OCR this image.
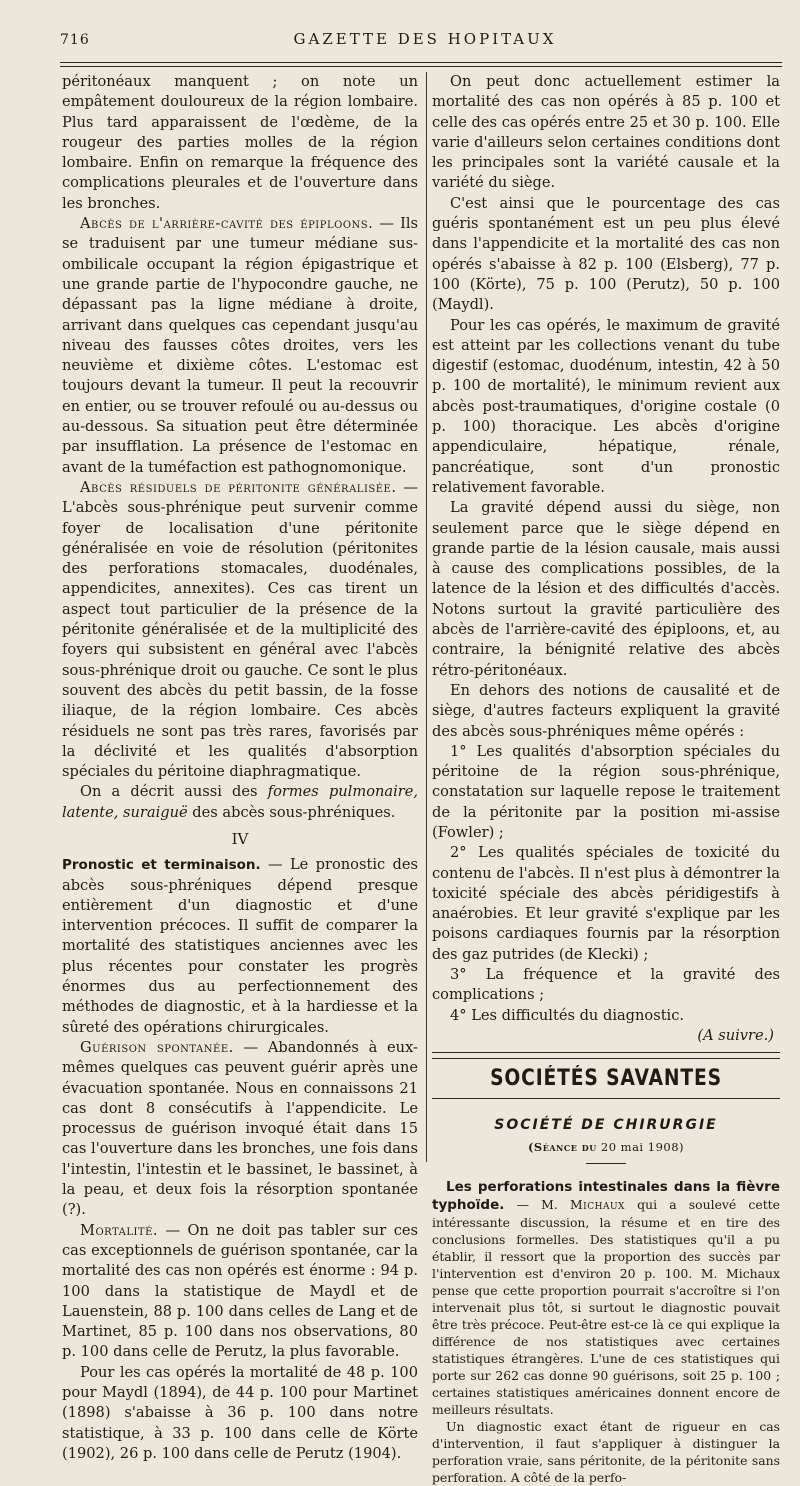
716	GAZETTE DES HOPITAUX

péritonéaux manquent ; on note un empâtement douloureux de la région lombaire. Plus tard apparaissent de l'œdème, de la rougeur des parties molles de la région lombaire. Enfin on remarque la fréquence des complications pleurales et de l'ouverture dans les bronches.

Abcès de l'arrière-cavité des épiploons. — Ils se traduisent par une tumeur médiane sus-ombilicale occupant la région épigastrique et une grande partie de l'hypocondre gauche, ne dépassant pas la ligne médiane à droite, arrivant dans quelques cas cependant jusqu'au niveau des fausses côtes droites, vers les neuvième et dixième côtes. L'estomac est toujours devant la tumeur. Il peut la recouvrir en entier, ou se trouver refoulé ou au-dessus ou au-dessous. Sa situation peut être déterminée par insufflation. La présence de l'estomac en avant de la tuméfaction est pathognomonique.

Abcès résiduels de péritonite généralisée. — L'abcès sous-phrénique peut survenir comme foyer de localisation d'une péritonite généralisée en voie de résolution (péritonites des perforations stomacales, duodénales, appendicites, annexites). Ces cas tirent un aspect tout particulier de la présence de la péritonite généralisée et de la multiplicité des foyers qui subsistent en général avec l'abcès sous-phrénique droit ou gauche. Ce sont le plus souvent des abcès du petit bassin, de la fosse iliaque, de la région lombaire. Ces abcès résiduels ne sont pas très rares, favorisés par la déclivité et les qualités d'absorption spéciales du péritoine diaphragmatique.

On a décrit aussi des formes pulmonaire, latente, suraiguë des abcès sous-phréniques.

IV

Pronostic et terminaison. — Le pronostic des abcès sous-phréniques dépend presque entièrement d'un diagnostic et d'une intervention précoces. Il suffit de comparer la mortalité des statistiques anciennes avec les plus récentes pour constater les progrès énormes dus au perfectionnement des méthodes de diagnostic, et à la hardiesse et la sûreté des opérations chirurgicales.

Guérison spontanée. — Abandonnés à eux-mêmes quelques cas peuvent guérir après une évacuation spontanée. Nous en connaissons 21 cas dont 8 consécutifs à l'appendicite. Le processus de guérison invoqué était dans 15 cas l'ouverture dans les bronches, une fois dans l'intestin, l'intestin et le bassinet, le bassinet, à la peau, et deux fois la résorption spontanée (?).

Mortalité. — On ne doit pas tabler sur ces cas exceptionnels de guérison spontanée, car la mortalité des cas non opérés est énorme : 94 p. 100 dans la statistique de Maydl et de Lauenstein, 88 p. 100 dans celles de Lang et de Martinet, 85 p. 100 dans nos observations, 80 p. 100 dans celle de Perutz, la plus favorable.

Pour les cas opérés la mortalité de 48 p. 100 pour Maydl (1894), de 44 p. 100 pour Martinet (1898) s'abaisse à 36 p. 100 dans notre statistique, à 33 p. 100 dans celle de Körte (1902), 26 p. 100 dans celle de Perutz (1904).

On peut donc actuellement estimer la mortalité des cas non opérés à 85 p. 100 et celle des cas opérés entre 25 et 30 p. 100. Elle varie d'ailleurs selon certaines conditions dont les principales sont la variété causale et la variété du siège.

C'est ainsi que le pourcentage des cas guéris spontanément est un peu plus élevé dans l'appendicite et la mortalité des cas non opérés s'abaisse à 82 p. 100 (Elsberg), 77 p. 100 (Körte), 75 p. 100 (Perutz), 50 p. 100 (Maydl).

Pour les cas opérés, le maximum de gravité est atteint par les collections venant du tube digestif (estomac, duodénum, intestin, 42 à 50 p. 100 de mortalité), le minimum revient aux abcès post-traumatiques, d'origine costale (0 p. 100) thoracique. Les abcès d'origine appendiculaire, hépatique, rénale, pancréatique, sont d'un pronostic relativement favorable.

La gravité dépend aussi du siège, non seulement parce que le siège dépend en grande partie de la lésion causale, mais aussi à cause des complications possibles, de la latence de la lésion et des difficultés d'accès. Notons surtout la gravité particulière des abcès de l'arrière-cavité des épiploons, et, au contraire, la bénignité relative des abcès rétro-péritonéaux.

En dehors des notions de causalité et de siège, d'autres facteurs expliquent la gravité des abcès sous-phréniques même opérés :

1° Les qualités d'absorption spéciales du péritoine de la région sous-phrénique, constatation sur laquelle repose le traitement de la péritonite par la position mi-assise (Fowler) ;

2° Les qualités spéciales de toxicité du contenu de l'abcès. Il n'est plus à démontrer la toxicité spéciale des abcès péridigestifs à anaérobies. Et leur gravité s'explique par les poisons cardiaques fournis par la résorption des gaz putrides (de Klecki) ;

3° La fréquence et la gravité des complications ;

4° Les difficultés du diagnostic.

(A suivre.)

SOCIÉTÉS SAVANTES
SOCIÉTÉ DE CHIRURGIE
(Séance du 20 mai 1908)

Les perforations intestinales dans la fièvre typhoïde. — M. Michaux qui a soulevé cette intéressante discussion, la résume et en tire des conclusions formelles. Des statistiques qu'il a pu établir, il ressort que la proportion des succès par l'intervention est d'environ 20 p. 100. M. Michaux pense que cette proportion pourrait s'accroître si l'on intervenait plus tôt, si surtout le diagnostic pouvait être très précoce. Peut-être est-ce là ce qui explique la différence de nos statistiques avec certaines statistiques étrangères. L'une de ces statistiques qui porte sur 262 cas donne 90 guérisons, soit 25 p. 100 ; certaines statistiques américaines donnent encore de meilleurs résultats.

Un diagnostic exact étant de rigueur en cas d'intervention, il faut s'appliquer à distinguer la perforation vraie, sans péritonite, de la péritonite sans perforation. A côté de la perfo-
